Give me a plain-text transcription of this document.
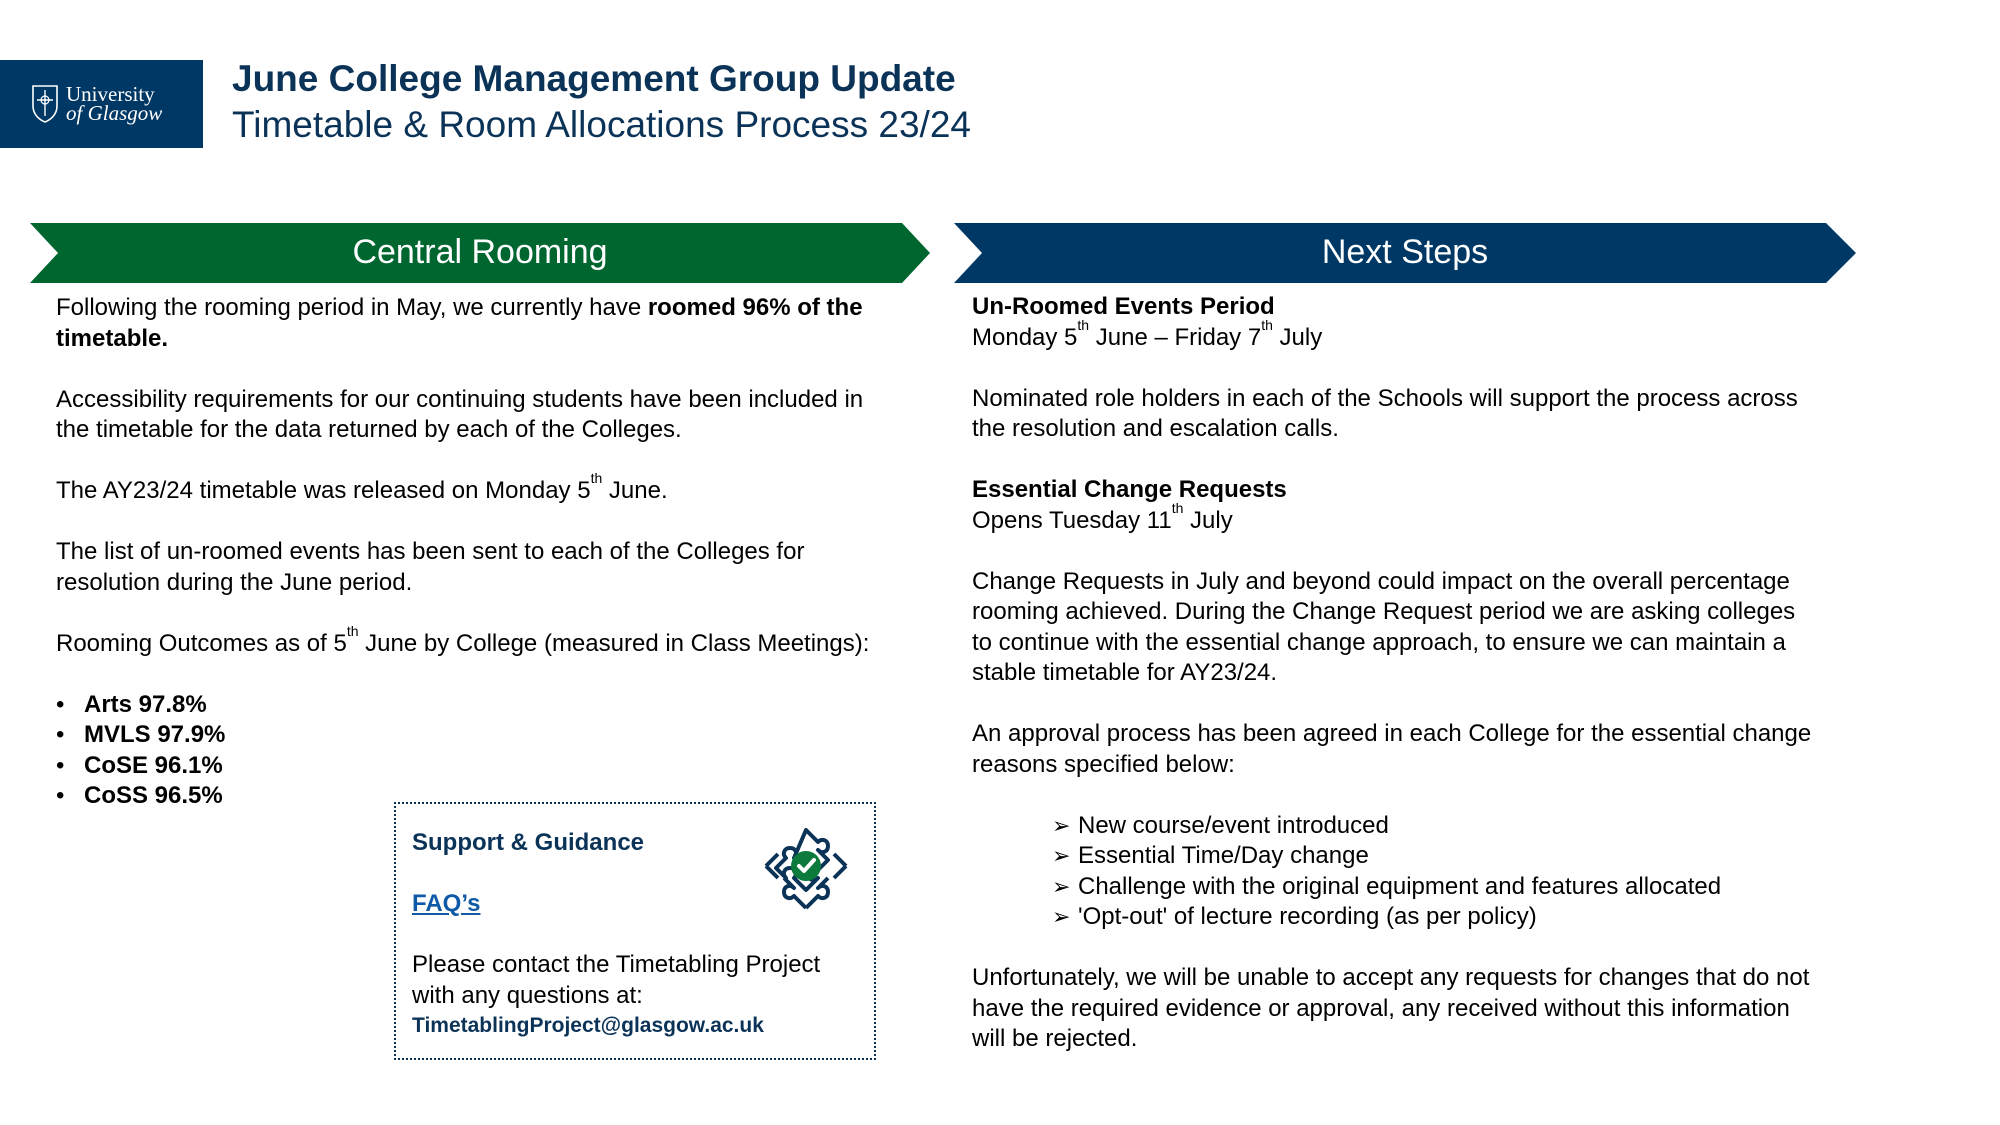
University
of Glasgow
June College Management Group Update
Timetable & Room Allocations Process 23/24
Central Rooming	Next Steps

Following the rooming period in May, we currently have roomed 96% of the timetable.

Accessibility requirements for our continuing students have been included in the timetable for the data returned by each of the Colleges.

The AY23/24 timetable was released on Monday 5th June.

The list of un-roomed events has been sent to each of the Colleges for resolution during the June period.

Rooming Outcomes as of 5th June by College (measured in Class Meetings):

• Arts 97.8%
• MVLS 97.9%
• CoSE 96.1%
• CoSS 96.5%
Support & Guidance
FAQ’s
Please contact the Timetabling Project with any questions at:
TimetablingProject@glasgow.ac.uk

Un-Roomed Events Period
Monday 5th June – Friday 7th July

Nominated role holders in each of the Schools will support the process across the resolution and escalation calls.

Essential Change Requests
Opens Tuesday 11th July

Change Requests in July and beyond could impact on the overall percentage rooming achieved. During the Change Request period we are asking colleges to continue with the essential change approach, to ensure we can maintain a stable timetable for AY23/24.

An approval process has been agreed in each College for the essential change reasons specified below:

➢ New course/event introduced
➢ Essential Time/Day change
➢ Challenge with the original equipment and features allocated
➢ 'Opt-out' of lecture recording (as per policy)

Unfortunately, we will be unable to accept any requests for changes that do not have the required evidence or approval, any received without this information will be rejected.
